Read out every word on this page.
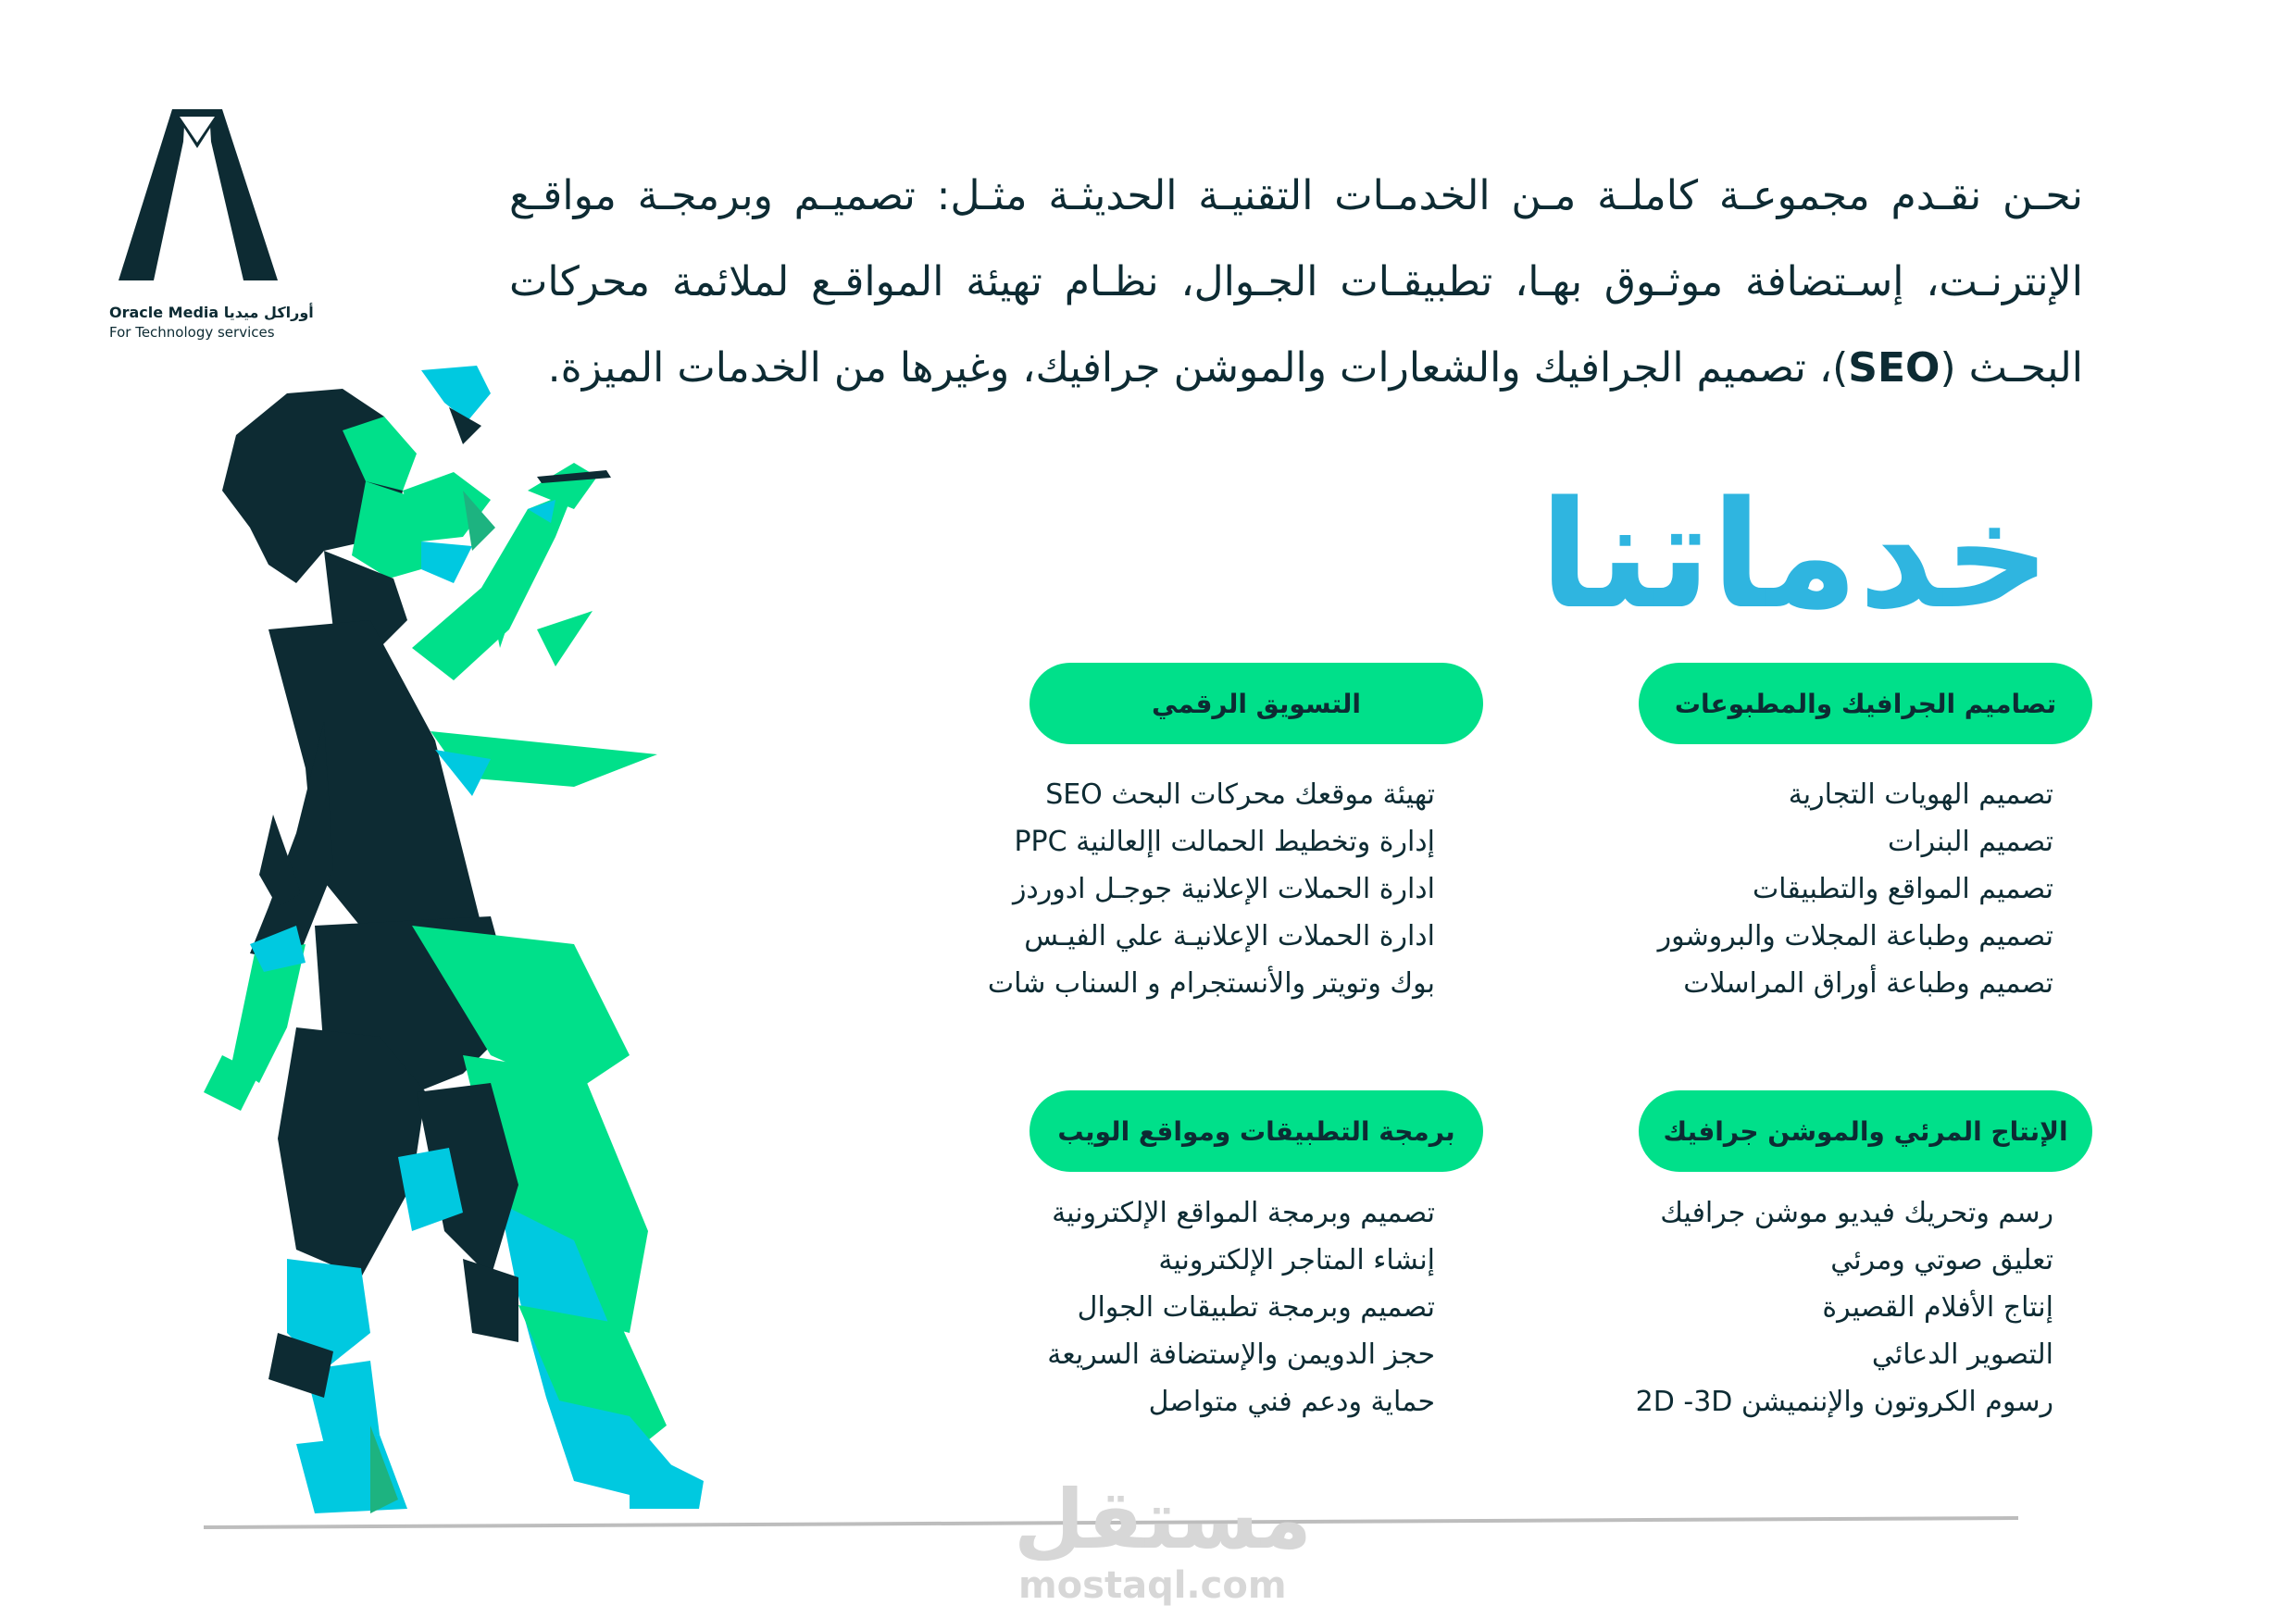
Oracle Media أوراكل ميديا
For Technology services

نحـن نقـدم مجموعـة كاملـة مـن الخدمـات التقنيـة الحديثـة مثـل: تصميـم وبرمجـة مواقـع الإنترنـت، إسـتضافة موثـوق بهـا، تطبيقـات الجـوال، نظـام تهيئة المواقـع لملائمة محركات البحـث (SEO)، تصميم الجرافيك والشعارات والموشن جرافيك، وغيرها من الخدمات الميزة.

خدماتنا
تصاميم الجرافيك والمطبوعات
تصميم الهويات التجارية
تصميم البنرات
تصميم المواقع والتطبيقات
تصميم وطباعة المجلات والبروشور
تصميم وطباعة أوراق المراسلات
التسويق الرقمي
تهيئة موقعك محركات البحث SEO
إدارة وتخطيط الحمالت اإلعالنية PPC
ادارة الحملات الإعلانية جوجـل ادوردز
ادارة الحملات الإعلانيـة علي الفيـس
بوك وتويتر والأنستجرام و السناب شات
الإنتاج المرئي والموشن جرافيك
رسم وتحريك فيديو موشن جرافيك
تعليق صوتي ومرئي
إنتاج الأفلام القصيرة
التصوير الدعائي
رسوم الكروتون والإننميشن 2D -3D
برمجة التطبيقات ومواقع الويب
تصميم وبرمجة المواقع الإلكترونية
إنشاء المتاجر الإلكترونية
تصميم وبرمجة تطبيقات الجوال
حجز الدويمن والإستضافة السريعة
حماية ودعم فني متواصل
مستقل
mostaql.com
